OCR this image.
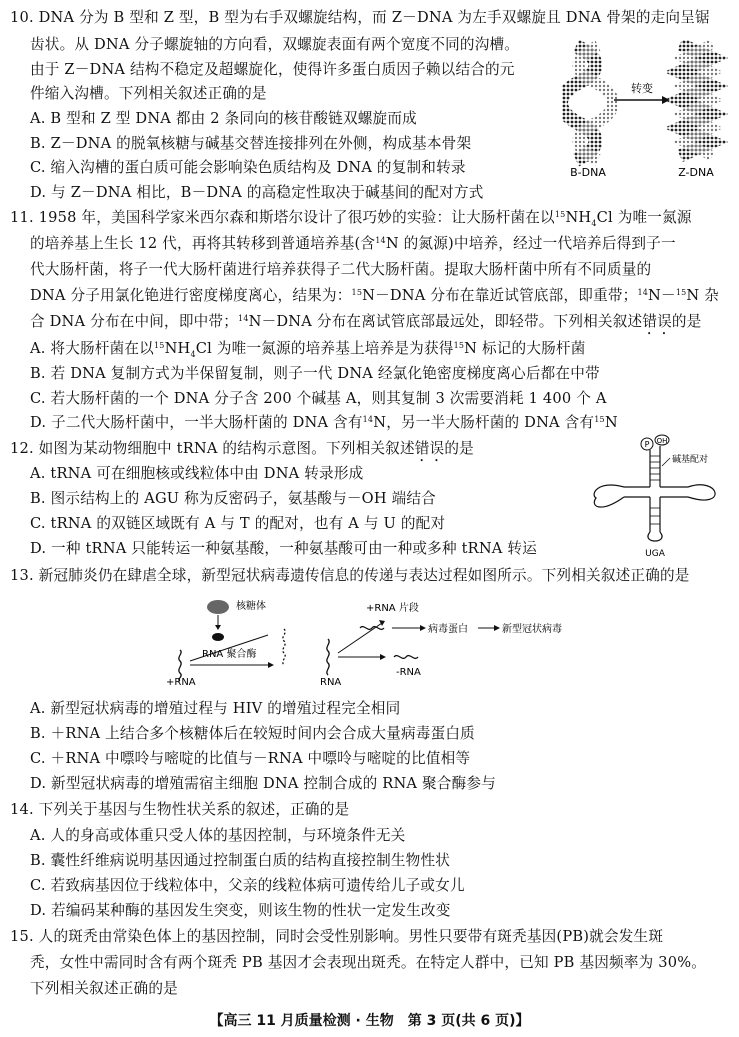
10. DNA 分为 B 型和 Z 型，B 型为右手双螺旋结构，而 Z－DNA 为左手双螺旋且 DNA 骨架的走向呈锯
齿状。从 DNA 分子螺旋轴的方向看，双螺旋表面有两个宽度不同的沟槽。
由于 Z－DNA 结构不稳定及超螺旋化，使得许多蛋白质因子赖以结合的元
件缩入沟槽。下列相关叙述正确的是
A. B 型和 Z 型 DNA 都由 2 条同向的核苷酸链双螺旋而成
B. Z－DNA 的脱氧核糖与碱基交替连接排列在外侧，构成基本骨架
C. 缩入沟槽的蛋白质可能会影响染色质结构及 DNA 的复制和转录
D. 与 Z－DNA 相比，B－DNA 的高稳定性取决于碱基间的配对方式
转变
B-DNA	Z-DNA
11. 1958 年，美国科学家米西尔森和斯塔尔设计了很巧妙的实验：让大肠杆菌在以$^{15}NH_4Cl$ 为唯一氮源
的培养基上生长 12 代，再将其转移到普通培养基(含$^{14}$N 的氮源)中培养，经过一代培养后得到子一
代大肠杆菌，将子一代大肠杆菌进行培养获得子二代大肠杆菌。提取大肠杆菌中所有不同质量的
DNA 分子用氯化铯进行密度梯度离心，结果为：$^{15}$N－DNA 分布在靠近试管底部，即重带；$^{14}$N－$^{15}$N 杂
合 DNA 分布在中间，即中带；$^{14}$N－DNA 分布在离试管底部最远处，即轻带。下列相关叙述错误的是
A. 将大肠杆菌在以$^{15}NH_4Cl$ 为唯一氮源的培养基上培养是为获得$^{15}$N 标记的大肠杆菌
B. 若 DNA 复制方式为半保留复制，则子一代 DNA 经氯化铯密度梯度离心后都在中带
C. 若大肠杆菌的一个 DNA 分子含 200 个碱基 A，则其复制 3 次需要消耗 1 400 个 A
D. 子二代大肠杆菌中，一半大肠杆菌的 DNA 含有$^{14}$N，另一半大肠杆菌的 DNA 含有$^{15}$N
12. 如图为某动物细胞中 tRNA 的结构示意图。下列相关叙述错误的是
A. tRNA 可在细胞核或线粒体中由 DNA 转录形成
B. 图示结构上的 AGU 称为反密码子，氨基酸与－OH 端结合
C. tRNA 的双链区域既有 A 与 T 的配对，也有 A 与 U 的配对
D. 一种 tRNA 只能转运一种氨基酸，一种氨基酸可由一种或多种 tRNA 转运
P OH
碱基配对
UGA
13. 新冠肺炎仍在肆虐全球，新型冠状病毒遗传信息的传递与表达过程如图所示。下列相关叙述正确的是
核糖体
+RNA
RNA 聚合酶
RNA
+RNA 片段
病毒蛋白	新型冠状病毒
-RNA
A. 新型冠状病毒的增殖过程与 HIV 的增殖过程完全相同
B. ＋RNA 上结合多个核糖体后在较短时间内会合成大量病毒蛋白质
C. ＋RNA 中嘌呤与嘧啶的比值与－RNA 中嘌呤与嘧啶的比值相等
D. 新型冠状病毒的增殖需宿主细胞 DNA 控制合成的 RNA 聚合酶参与
14. 下列关于基因与生物性状关系的叙述，正确的是
A. 人的身高或体重只受人体的基因控制，与环境条件无关
B. 囊性纤维病说明基因通过控制蛋白质的结构直接控制生物性状
C. 若致病基因位于线粒体中，父亲的线粒体病可遗传给儿子或女儿
D. 若编码某种酶的基因发生突变，则该生物的性状一定发生改变
15. 人的斑秃由常染色体上的基因控制，同时会受性别影响。男性只要带有斑秃基因(PB)就会发生斑
秃，女性中需同时含有两个斑秃 PB 基因才会表现出斑秃。在特定人群中，已知 PB 基因频率为 30%。
下列相关叙述正确的是
【高三 11 月质量检测 · 生物　第 3 页(共 6 页)】
